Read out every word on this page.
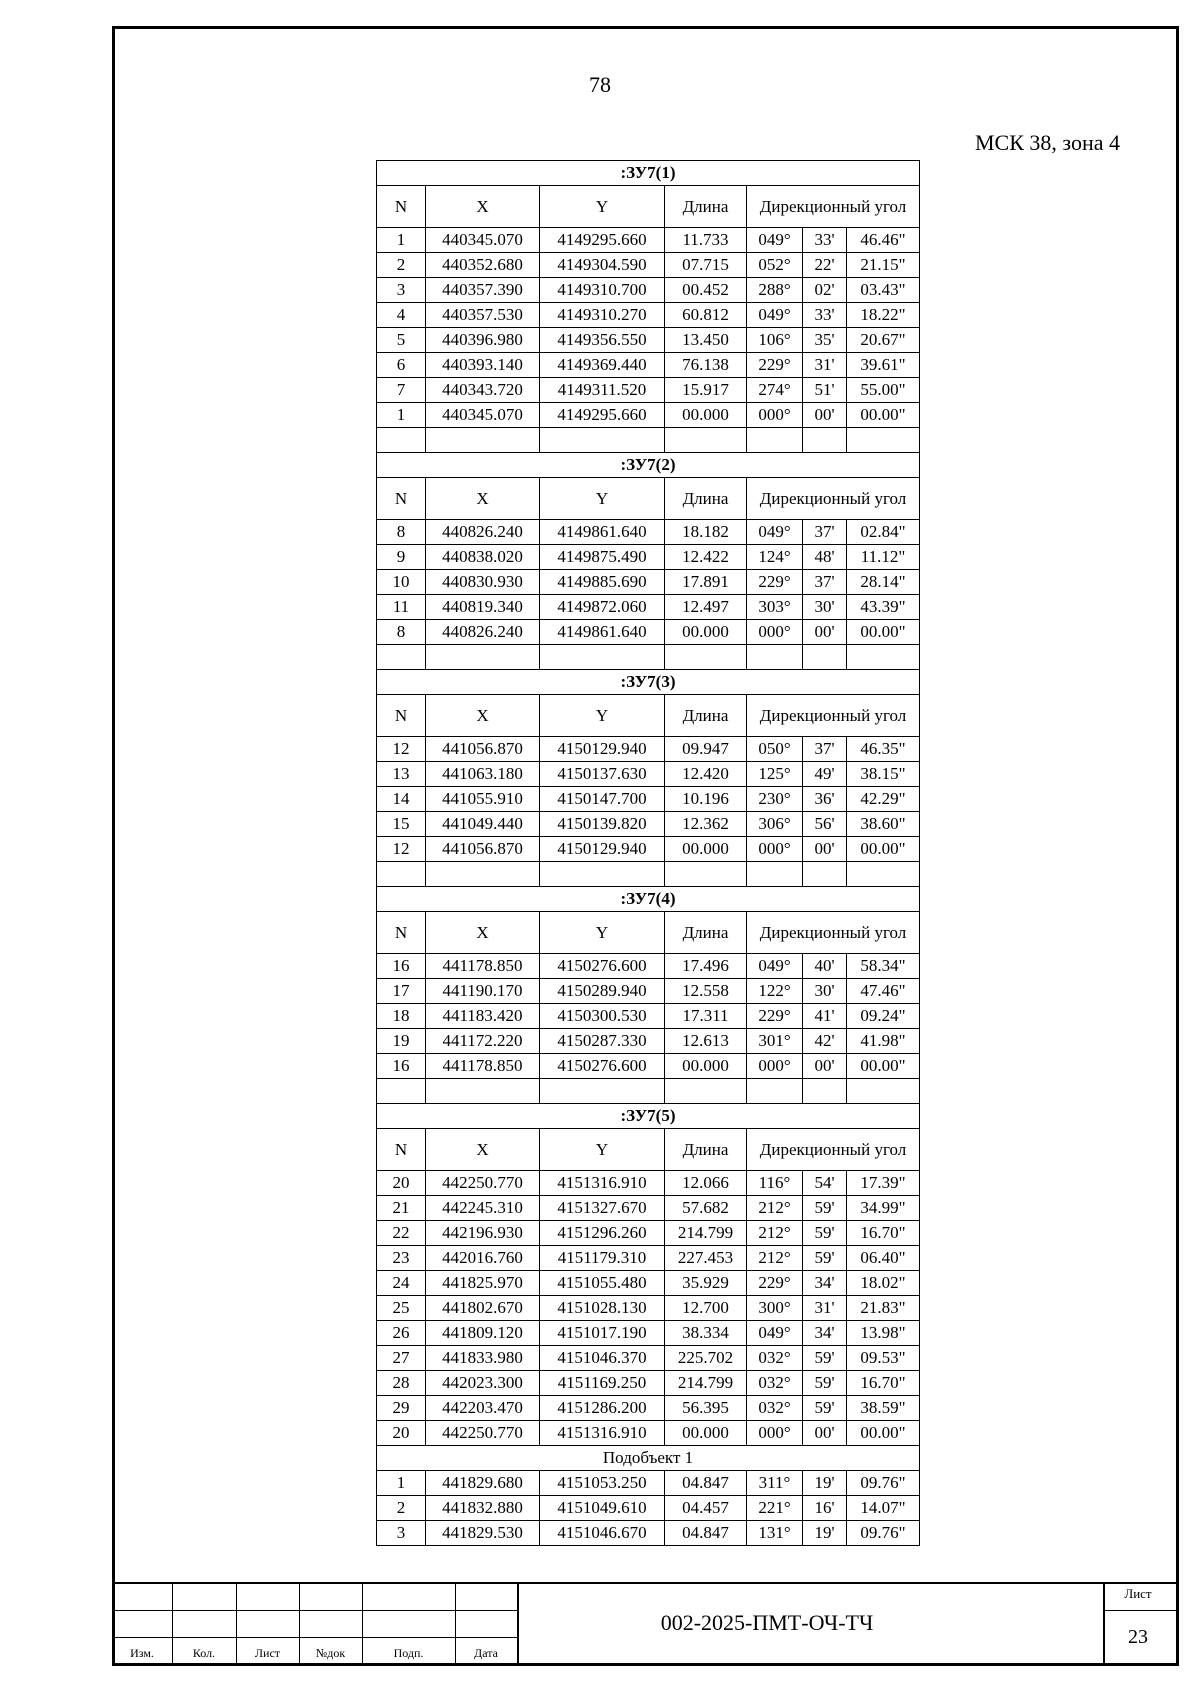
78
МСК 38, зона 4
:ЗУ7(1)						
N	X	Y	Длина	Дирекционный угол		
1	440345.070	4149295.660	11.733	049°	33'	46.46"
2	440352.680	4149304.590	07.715	052°	22'	21.15"
3	440357.390	4149310.700	00.452	288°	02'	03.43"
4	440357.530	4149310.270	60.812	049°	33'	18.22"
5	440396.980	4149356.550	13.450	106°	35'	20.67"
6	440393.140	4149369.440	76.138	229°	31'	39.61"
7	440343.720	4149311.520	15.917	274°	51'	55.00"
1	440345.070	4149295.660	00.000	000°	00'	00.00"

:ЗУ7(2)						
N	X	Y	Длина	Дирекционный угол		
8	440826.240	4149861.640	18.182	049°	37'	02.84"
9	440838.020	4149875.490	12.422	124°	48'	11.12"
10	440830.930	4149885.690	17.891	229°	37'	28.14"
11	440819.340	4149872.060	12.497	303°	30'	43.39"
8	440826.240	4149861.640	00.000	000°	00'	00.00"

:ЗУ7(3)						
N	X	Y	Длина	Дирекционный угол		
12	441056.870	4150129.940	09.947	050°	37'	46.35"
13	441063.180	4150137.630	12.420	125°	49'	38.15"
14	441055.910	4150147.700	10.196	230°	36'	42.29"
15	441049.440	4150139.820	12.362	306°	56'	38.60"
12	441056.870	4150129.940	00.000	000°	00'	00.00"

:ЗУ7(4)						
N	X	Y	Длина	Дирекционный угол		
16	441178.850	4150276.600	17.496	049°	40'	58.34"
17	441190.170	4150289.940	12.558	122°	30'	47.46"
18	441183.420	4150300.530	17.311	229°	41'	09.24"
19	441172.220	4150287.330	12.613	301°	42'	41.98"
16	441178.850	4150276.600	00.000	000°	00'	00.00"

:ЗУ7(5)						
N	X	Y	Длина	Дирекционный угол		
20	442250.770	4151316.910	12.066	116°	54'	17.39"
21	442245.310	4151327.670	57.682	212°	59'	34.99"
22	442196.930	4151296.260	214.799	212°	59'	16.70"
23	442016.760	4151179.310	227.453	212°	59'	06.40"
24	441825.970	4151055.480	35.929	229°	34'	18.02"
25	441802.670	4151028.130	12.700	300°	31'	21.83"
26	441809.120	4151017.190	38.334	049°	34'	13.98"
27	441833.980	4151046.370	225.702	032°	59'	09.53"
28	442023.300	4151169.250	214.799	032°	59'	16.70"
29	442203.470	4151286.200	56.395	032°	59'	38.59"
20	442250.770	4151316.910	00.000	000°	00'	00.00"
Подобъект 1						
1	441829.680	4151053.250	04.847	311°	19'	09.76"
2	441832.880	4151049.610	04.457	221°	16'	14.07"
3	441829.530	4151046.670	04.847	131°	19'	09.76"
Изм.	Кол.	Лист	№док	Подп.	Дата
002-2025-ПМТ-ОЧ-ТЧ
Лист
23
